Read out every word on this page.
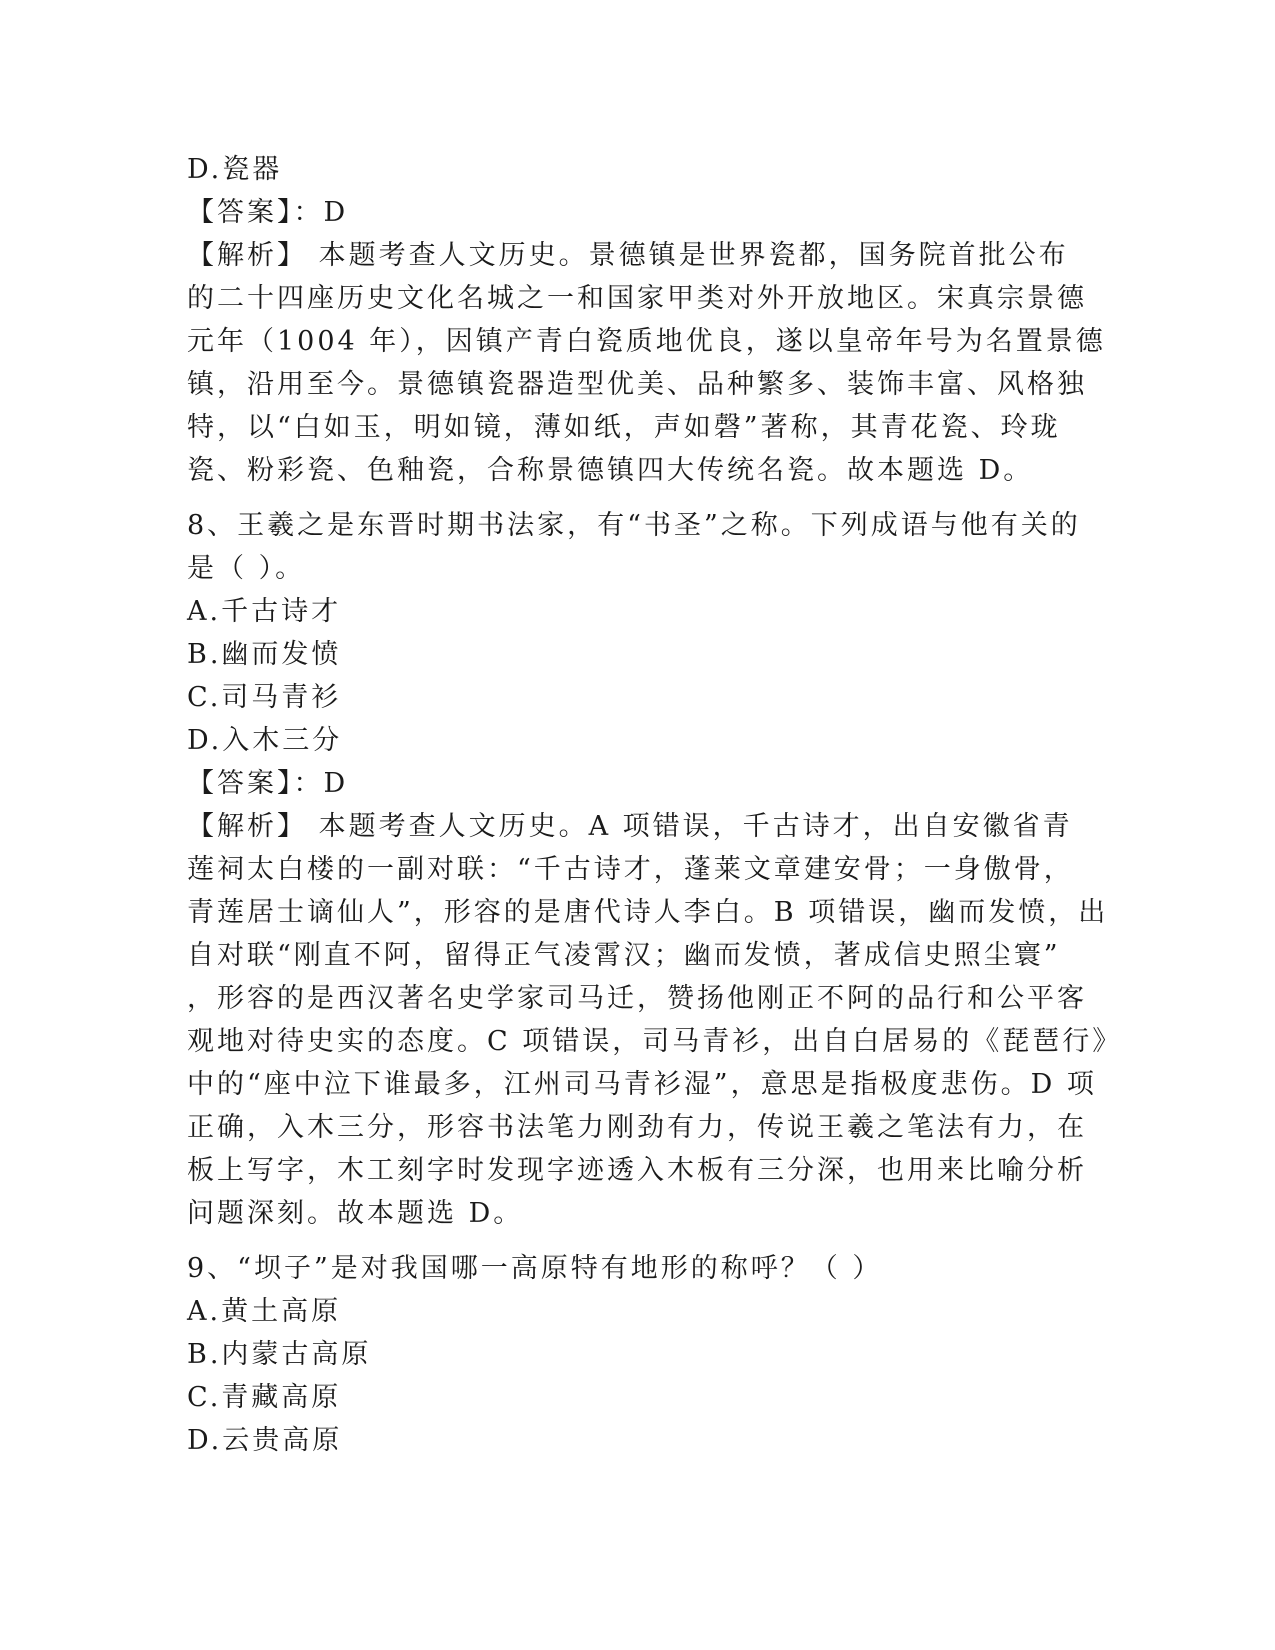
D.瓷器
【答案】：D
【解析】 本题考查人文历史。景德镇是世界瓷都，国务院首批公布
的二十四座历史文化名城之一和国家甲类对外开放地区。宋真宗景德
元年（1004 年），因镇产青白瓷质地优良，遂以皇帝年号为名置景德
镇，沿用至今。景德镇瓷器造型优美、品种繁多、装饰丰富、风格独
特，以“白如玉，明如镜，薄如纸，声如磬”著称，其青花瓷、玲珑
瓷、粉彩瓷、色釉瓷，合称景德镇四大传统名瓷。故本题选 D。
8、王羲之是东晋时期书法家，有“书圣”之称。下列成语与他有关的
是（ ）。
A.千古诗才
B.幽而发愤
C.司马青衫
D.入木三分
【答案】：D
【解析】 本题考查人文历史。A 项错误，千古诗才，出自安徽省青
莲祠太白楼的一副对联：“千古诗才，蓬莱文章建安骨；一身傲骨，
青莲居士谪仙人”，形容的是唐代诗人李白。B 项错误，幽而发愤，出
自对联“刚直不阿，留得正气凌霄汉；幽而发愤，著成信史照尘寰”
，形容的是西汉著名史学家司马迁，赞扬他刚正不阿的品行和公平客
观地对待史实的态度。C 项错误，司马青衫，出自白居易的《琵琶行》
中的“座中泣下谁最多，江州司马青衫湿”，意思是指极度悲伤。D 项
正确，入木三分，形容书法笔力刚劲有力，传说王羲之笔法有力，在
板上写字，木工刻字时发现字迹透入木板有三分深，也用来比喻分析
问题深刻。故本题选 D。
9、“坝子”是对我国哪一高原特有地形的称呼？（ ）
A.黄土高原
B.内蒙古高原
C.青藏高原
D.云贵高原
